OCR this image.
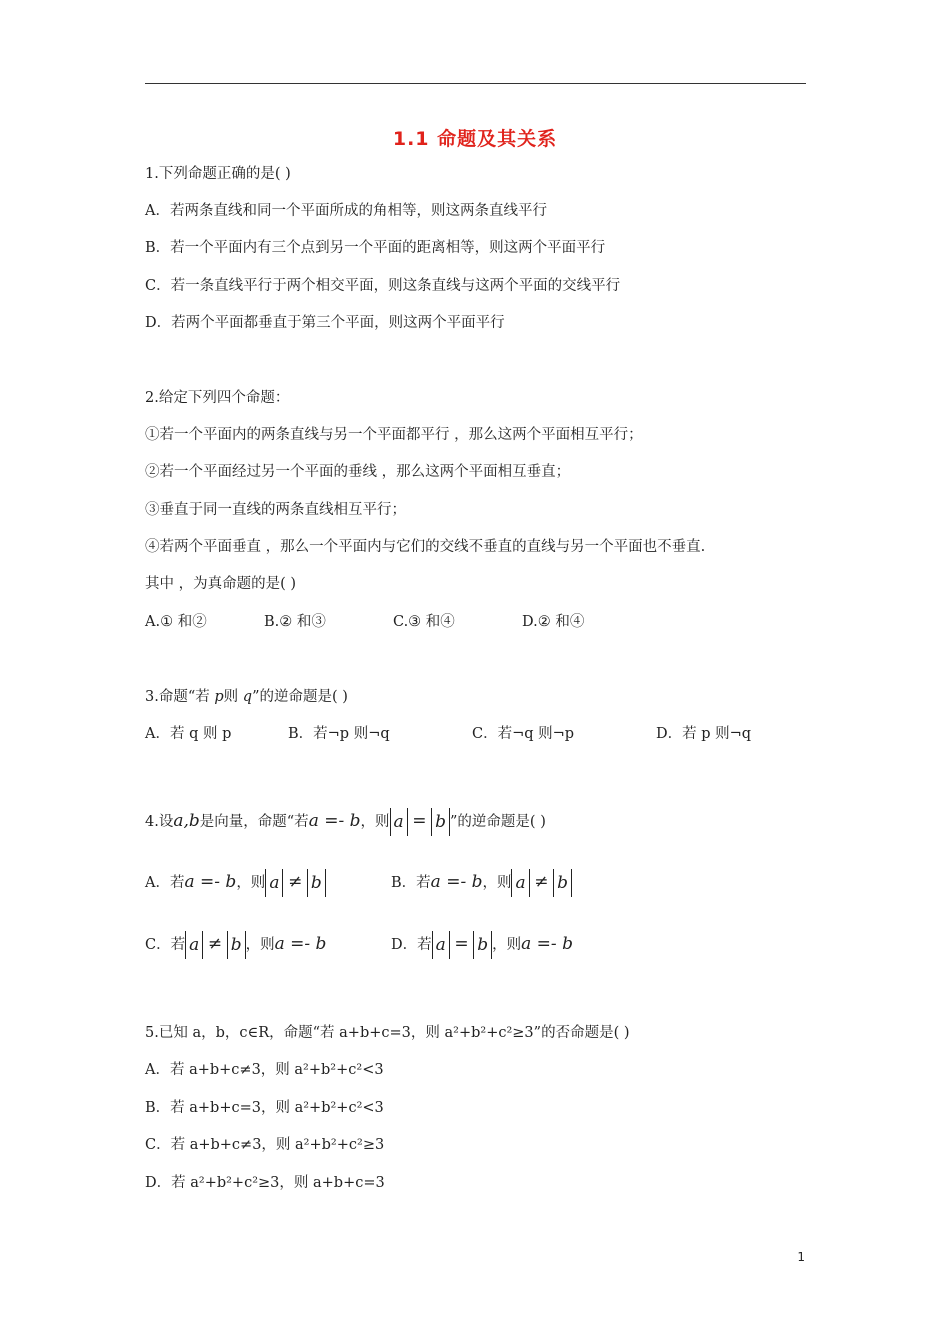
1.1 命题及其关系
1.下列命题正确的是( )
A．若两条直线和同一个平面所成的角相等，则这两条直线平行
B．若一个平面内有三个点到另一个平面的距离相等，则这两个平面平行
C．若一条直线平行于两个相交平面，则这条直线与这两个平面的交线平行
D．若两个平面都垂直于第三个平面，则这两个平面平行
2.给定下列四个命题：
①若一个平面内的两条直线与另一个平面都平行 ，那么这两个平面相互平行；
②若一个平面经过另一个平面的垂线 ，那么这两个平面相互垂直；
③垂直于同一直线的两条直线相互平行；
④若两个平面垂直 ，那么一个平面内与它们的交线不垂直的直线与另一个平面也不垂直.
其中 ，为真命题的是( )
A.① 和②	B.② 和③	C.③ 和④	D.② 和④
3.命题“若 p则 q”的逆命题是( )
A．若 q 则 p	B．若¬p 则¬q	C．若¬q 则¬p	D．若 p 则¬q
4.设a,b是向量，命题“若a =- b，则 a = b ”的逆命题是( )
A．若a =- b，则 a ≠ b	B．若a =- b，则 a ≠ b
C．若 a ≠ b ，则a =- b	D．若 a = b ，则a =- b
5.已知 a，b，c∈R，命题“若 a+b+c=3，则 a²+b²+c²≥3”的否命题是( )
A．若 a+b+c≠3，则 a²+b²+c²<3
B．若 a+b+c=3，则 a²+b²+c²<3
C．若 a+b+c≠3，则 a²+b²+c²≥3
D．若 a²+b²+c²≥3，则 a+b+c=3
1
